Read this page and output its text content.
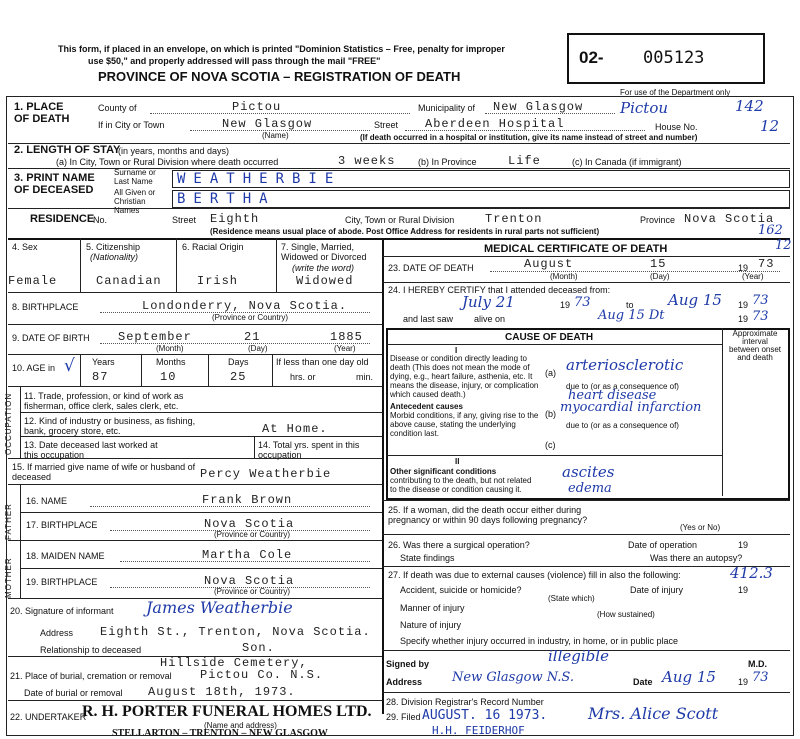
This form, if placed in an envelope, on which is printed "Dominion Statistics – Free, penalty for improper
use $50," and properly addressed will pass through the mail "FREE"
PROVINCE OF NOVA SCOTIA – REGISTRATION OF DEATH
02- 005123
For use of the Department only
Pictou	142
12
1. PLACE OF DEATH
County of	Pictou	Municipality of New Glasgow
If in City or Town	New Glasgow
(Name)
Street Aberdeen Hospital	House No.
(If death occurred in a hospital or institution, give its name instead of street and number)
2. LENGTH OF STAY
(in years, months and days)
(a) In City, Town or Rural Division where death occurred	3 weeks	(b) In Province	Life	(c) In Canada (if immigrant)
3. PRINT NAME OF DECEASED
Surname or Last Name	WEATHERBIE
All Given or Christian Names
BERTHA
RESIDENCE
No.	Street Eighth	City, Town or Rural Division	Trenton	Province Nova Scotia
(Residence means usual place of abode. Post Office Address for residents in rural parts not sufficient)	162
4. Sex	5. Citizenship
(Nationality)
6. Racial Origin	7. Single, Married, Widowed or Divorced
(write the word)
Female	Canadian	Irish	Widowed
8. BIRTHPLACE	Londonderry, Nova Scotia.
(Province or Country)
9. DATE OF BIRTH September	21	1885
(Month)	(Day)	(Year)
10. AGE in √ Years	Months	Days
87	10	25
If less than one day old
hrs. or	min.
OCCUPATION 11. Trade, profession, or kind of work as fisherman, office clerk, sales clerk, etc.
12. Kind of industry or business, as fishing, bank, grocery store, etc.	At Home.
13. Date deceased last worked at this occupation
14. Total yrs. spent in this occupation
15. If married give name of wife or husband of deceased	Percy Weatherbie
FATHER
16. NAME	Frank Brown
17. BIRTHPLACE	Nova Scotia
(Province or Country)
MOTHER
18. MAIDEN NAME	Martha Cole
19. BIRTHPLACE	Nova Scotia
(Province or Country)
20. Signature of informant James Weatherbie
Address Eighth St., Trenton, Nova Scotia.
Relationship to deceased	Son.
Hillside Cemetery,
21. Place of burial, cremation or removal Pictou Co. N.S.
Date of burial or removal August 18th, 1973.
22. UNDERTAKER
R. H. PORTER FUNERAL HOMES LTD.
(Name and address)
STELLARTON – TRENTON – NEW GLASGOW
MEDICAL CERTIFICATE OF DEATH	12
23. DATE OF DEATH	August	15	19 73
(Month)	(Day)	(Year)
24. I HEREBY CERTIFY that I attended deceased from:
July 21	19 73	to Aug 15 19 73
and last saw alive on	Aug 15 Dt	19 73
CAUSE OF DEATH	Approximate interval between onset and death
I
Disease or condition directly leading to death (This does not mean the mode of dying, e.g., heart failure, asthenia, etc. It means the disease, injury, or complication which caused death.)
(a) arteriosclerotic
due to (or as a consequence of)
heart disease
Antecedent causes
Morbid conditions, if any, giving rise to the above cause, stating the underlying condition last.
(b) myocardial infarction
due to (or as a consequence of)
(c)
II
Other significant conditions
contributing to the death, but not related to the disease or condition causing it.
ascites
edema
25. If a woman, did the death occur either during pregnancy or within 90 days following pregnancy?
(Yes or No)
26. Was there a surgical operation?	Date of operation	19
State findings	Was there an autopsy?
27. If death was due to external causes (violence) fill in also the following:	412.3
Accident, suicide or homicide?
(State which)
Date of injury	19
Manner of injury
(How sustained)
Nature of injury
Specify whether injury occurred in industry, in home, or in public place
Signed by	illegible	M.D.
Address New Glasgow N.S.	Date Aug 15 19 73
28. Division Registrar's Record Number
29. Filed AUGUST. 16 1973.	Mrs. Alice Scott
H.H. FEIDERHOF
